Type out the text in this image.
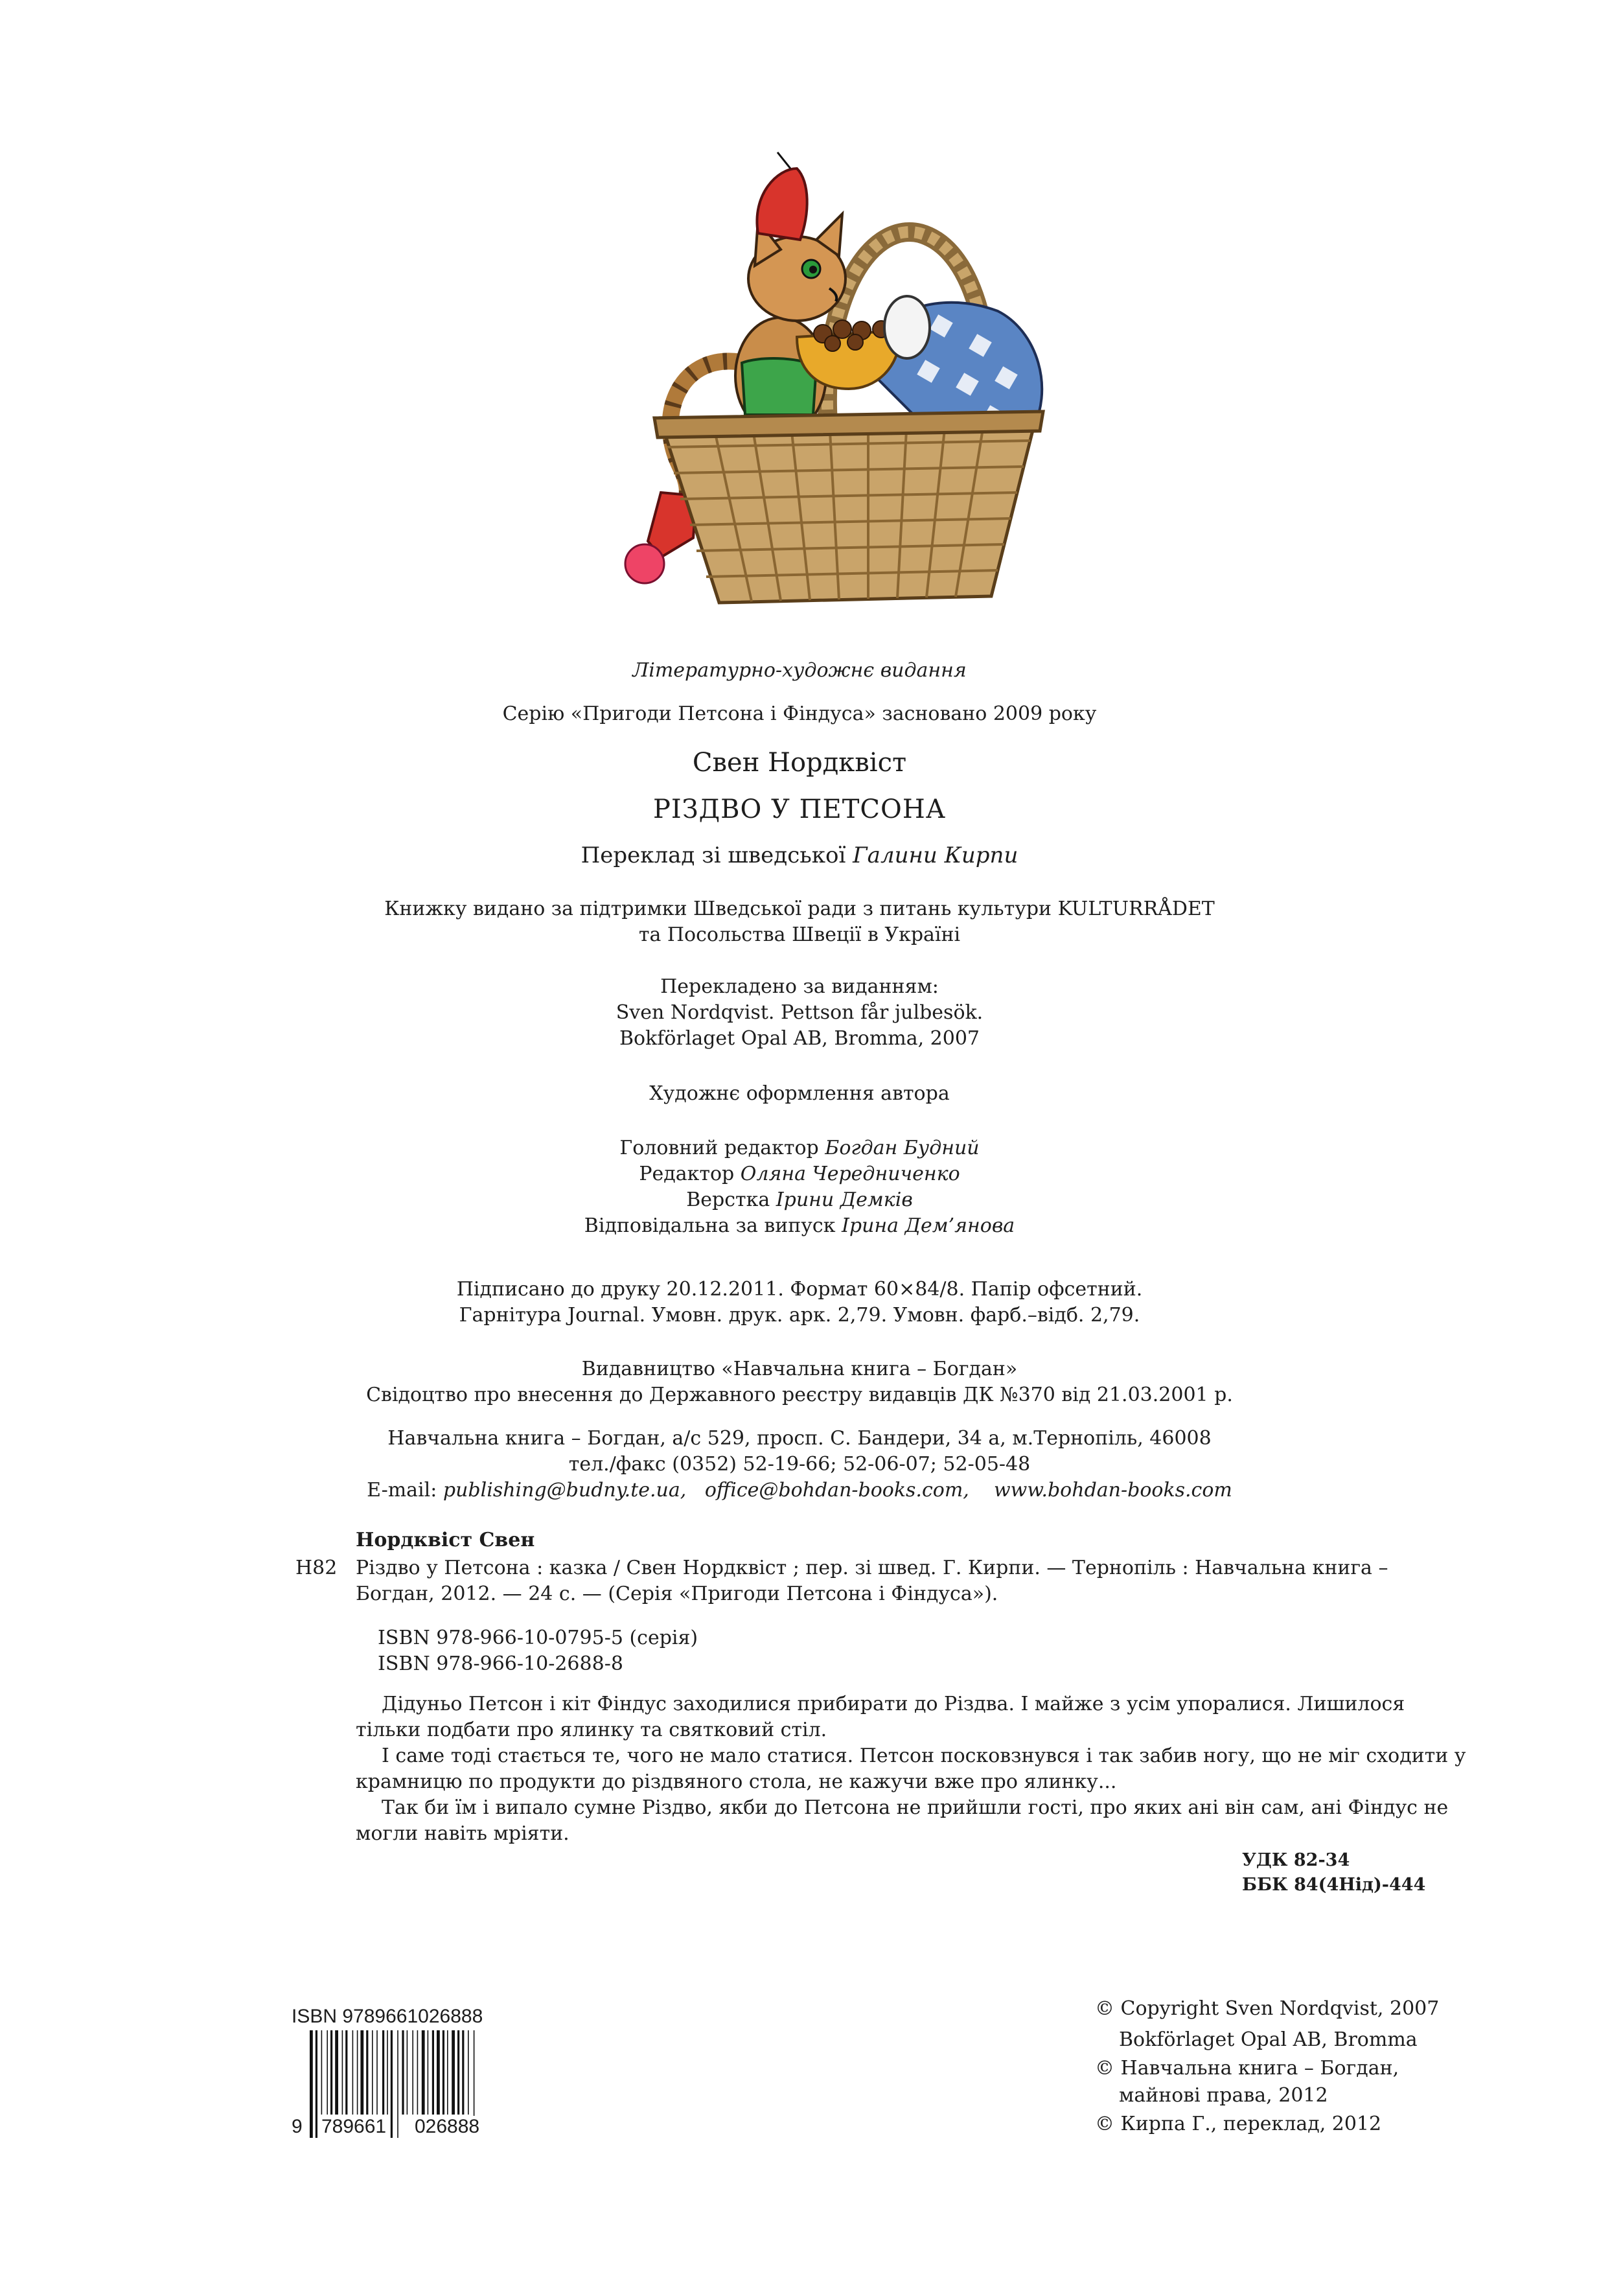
Літературно-художнє видання
Серію «Пригоди Петсона і Фіндуса» засновано 2009 року
Свен Нордквіст
РІЗДВО У ПЕТСОНА
Переклад зі шведської Галини Кирпи
Книжку видано за підтримки Шведської ради з питань культури KULTURRÅDET
та Посольства Швеції в Україні
Перекладено за виданням:
Sven Nordqvist. Pettson får julbesök.
Bokförlaget Opal AB, Bromma, 2007
Художнє оформлення автора
Головний редактор Богдан Будний
Редактор Оляна Чередниченко
Верстка Ірини Демків
Відповідальна за випуск Ірина Дем’янова
Підписано до друку 20.12.2011. Формат 60×84/8. Папір офсетний.
Гарнітура Journal. Умовн. друк. арк. 2,79. Умовн. фарб.–відб. 2,79.
Видавництво «Навчальна книга – Богдан»
Свідоцтво про внесення до Державного реєстру видавців ДК №370 від 21.03.2001 р.
Навчальна книга – Богдан, а/с 529, просп. С. Бандери, 34 а, м.Тернопіль, 46008
тел./факс (0352) 52-19-66; 52-06-07; 52-05-48
E-mail: publishing@budny.te.ua, office@bohdan-books.com, www.bohdan-books.com
Нордквіст Свен
Н82 Різдво у Петсона : казка / Свен Нордквіст ; пер. зі швед. Г. Кирпи. — Тернопіль : Навчальна книга –
Богдан, 2012. — 24 с. — (Серія «Пригоди Петсона і Фіндуса»).
ISBN 978-966-10-0795-5 (серія)
ISBN 978-966-10-2688-8

Дідуньо Петсон і кіт Фіндус заходилися прибирати до Різдва. І майже з усім упоралися. Лишилося тільки подбати про ялинку та святковий стіл.

І саме тоді стається те, чого не мало статися. Петсон посковзнувся і так забив ногу, що не міг сходити у крамницю по продукти до різдвяного стола, не кажучи вже про ялинку...

Так би їм і випало сумне Різдво, якби до Петсона не прийшли гості, про яких ані він сам, ані Фіндус не могли навіть мріяти.

УДК 82-34
ББК 84(4Нід)-444
ISBN 9789661026888
9 789661 026888
© Copyright Sven Nordqvist, 2007
Bokförlaget Opal AB, Bromma
© Навчальна книга – Богдан,
майнові права, 2012
© Кирпа Г., переклад, 2012
